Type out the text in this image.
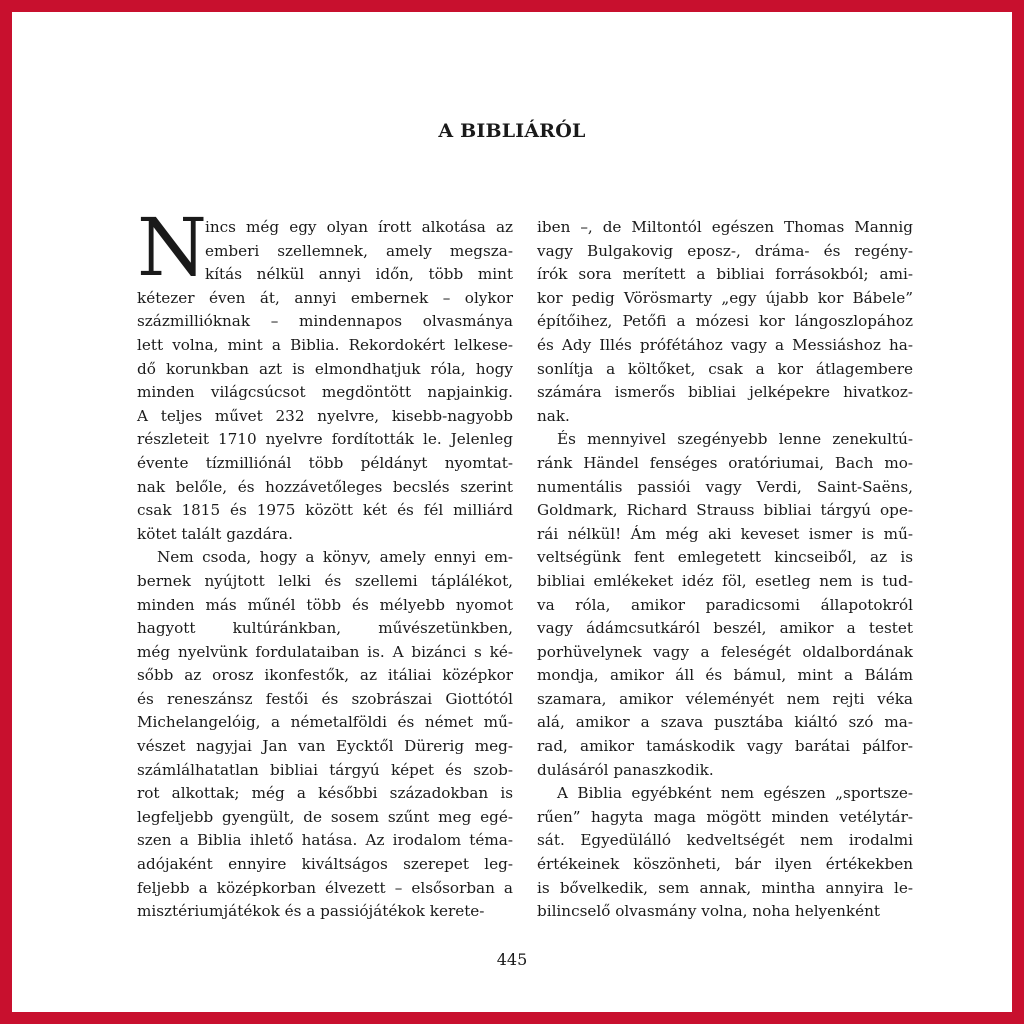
A BIBLIÁRÓL
N
incs még egy olyan írott alkotása az
emberi szellemnek, amely megsza-
kítás nélkül annyi időn, több mint
kétezer éven át, annyi embernek – olykor
százmillióknak – mindennapos olvasmánya
lett volna, mint a Biblia. Rekordokért lelkese-
dő korunkban azt is elmondhatjuk róla, hogy
minden világcsúcsot megdöntött napjainkig.
A teljes művet 232 nyelvre, kisebb-nagyobb
részleteit 1710 nyelvre fordították le. Jelenleg
évente tízmilliónál több példányt nyomtat-
nak belőle, és hozzávetőleges becslés szerint
csak 1815 és 1975 között két és fél milliárd
kötet talált gazdára.
Nem csoda, hogy a könyv, amely ennyi em-
bernek nyújtott lelki és szellemi táplálékot,
minden más műnél több és mélyebb nyomot
hagyott kultúránkban, művészetünkben,
még nyelvünk fordulataiban is. A bizánci s ké-
sőbb az orosz ikonfestők, az itáliai középkor
és reneszánsz festői és szobrászai Giottótól
Michelangelóig, a németalföldi és német mű-
vészet nagyjai Jan van Eycktől Dürerig meg-
számlálhatatlan bibliai tárgyú képet és szob-
rot alkottak; még a későbbi századokban is
legfeljebb gyengült, de sosem szűnt meg egé-
szen a Biblia ihlető hatása. Az irodalom téma-
adójaként ennyire kiváltságos szerepet leg-
feljebb a középkorban élvezett – elsősorban a
misztériumjátékok és a passiójátékok kerete-
iben –, de Miltontól egészen Thomas Mannig
vagy Bulgakovig eposz-, dráma- és regény-
írók sora merített a bibliai forrásokból; ami-
kor pedig Vörösmarty „egy újabb kor Bábele”
építőihez, Petőfi a mózesi kor lángoszlopához
és Ady Illés prófétához vagy a Messiáshoz ha-
sonlítja a költőket, csak a kor átlagembere
számára ismerős bibliai jelképekre hivatkoz-
nak.
És mennyivel szegényebb lenne zenekultú-
ránk Händel fenséges oratóriumai, Bach mo-
numentális passiói vagy Verdi, Saint-Saëns,
Goldmark, Richard Strauss bibliai tárgyú ope-
rái nélkül! Ám még aki keveset ismer is mű-
veltségünk fent emlegetett kincseiből, az is
bibliai emlékeket idéz föl, esetleg nem is tud-
va róla, amikor paradicsomi állapotokról
vagy ádámcsutkáról beszél, amikor a testet
porhüvelynek vagy a feleségét oldalbordának
mondja, amikor áll és bámul, mint a Bálám
szamara, amikor véleményét nem rejti véka
alá, amikor a szava pusztába kiáltó szó ma-
rad, amikor tamáskodik vagy barátai pálfor-
dulásáról panaszkodik.
A Biblia egyébként nem egészen „sportsze-
rűen” hagyta maga mögött minden vetélytár-
sát. Egyedülálló kedveltségét nem irodalmi
értékeinek köszönheti, bár ilyen értékekben
is bővelkedik, sem annak, mintha annyira le-
bilincselő olvasmány volna, noha helyenként
445
